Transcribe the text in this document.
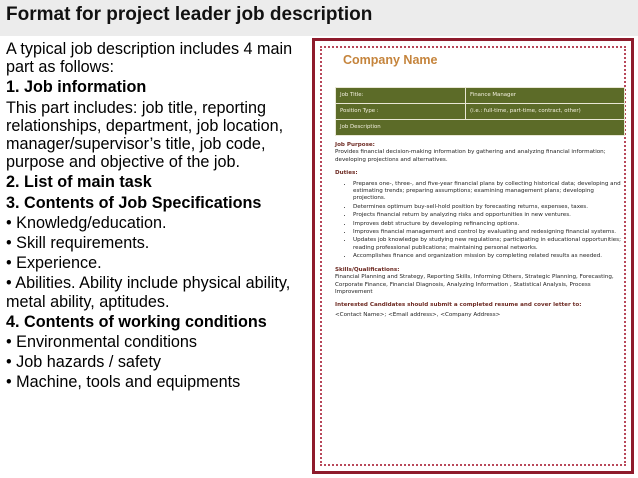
Format for project leader job description
A typical job description includes 4 main part as follows:
1. Job information
This part includes: job title, reporting relationships, department, job location, manager/supervisor’s title, job code, purpose and objective of the job.
2. List of main task
3. Contents of Job Specifications
• Knowledg/education.
• Skill requirements.
• Experience.
• Abilities. Ability include physical ability, metal ability, aptitudes.
4. Contents of working conditions
• Environmental conditions
• Job hazards / safety
• Machine, tools and equipments
Company Name
Job Title:	Finance Manager
Position Type :	(i.e.: full-time, part-time, contract, other)
Job Description	
Job Purpose:
Provides financial decision-making information by gathering and analyzing financial information; developing projections and alternatives.
Duties:
• Prepares one-, three-, and five-year financial plans by collecting historical data; developing and estimating trends; preparing assumptions; examining management plans; developing projections.
• Determines optimum buy-sell-hold position by forecasting returns, expenses, taxes.
• Projects financial return by analyzing risks and opportunities in new ventures.
• Improves debt structure by developing refinancing options.
• Improves financial management and control by evaluating and redesigning financial systems.
• Updates job knowledge by studying new regulations; participating in educational opportunities; reading professional publications; maintaining personal networks.
• Accomplishes finance and organization mission by completing related results as needed.
Skills/Qualifications:
Financial Planning and Strategy, Reporting Skills, Informing Others, Strategic Planning, Forecasting, Corporate Finance, Financial Diagnosis, Analyzing Information , Statistical Analysis, Process Improvement
Interested Candidates should submit a completed resume and cover letter to:
<Contact Name>; <Email address>, <Company Address>
